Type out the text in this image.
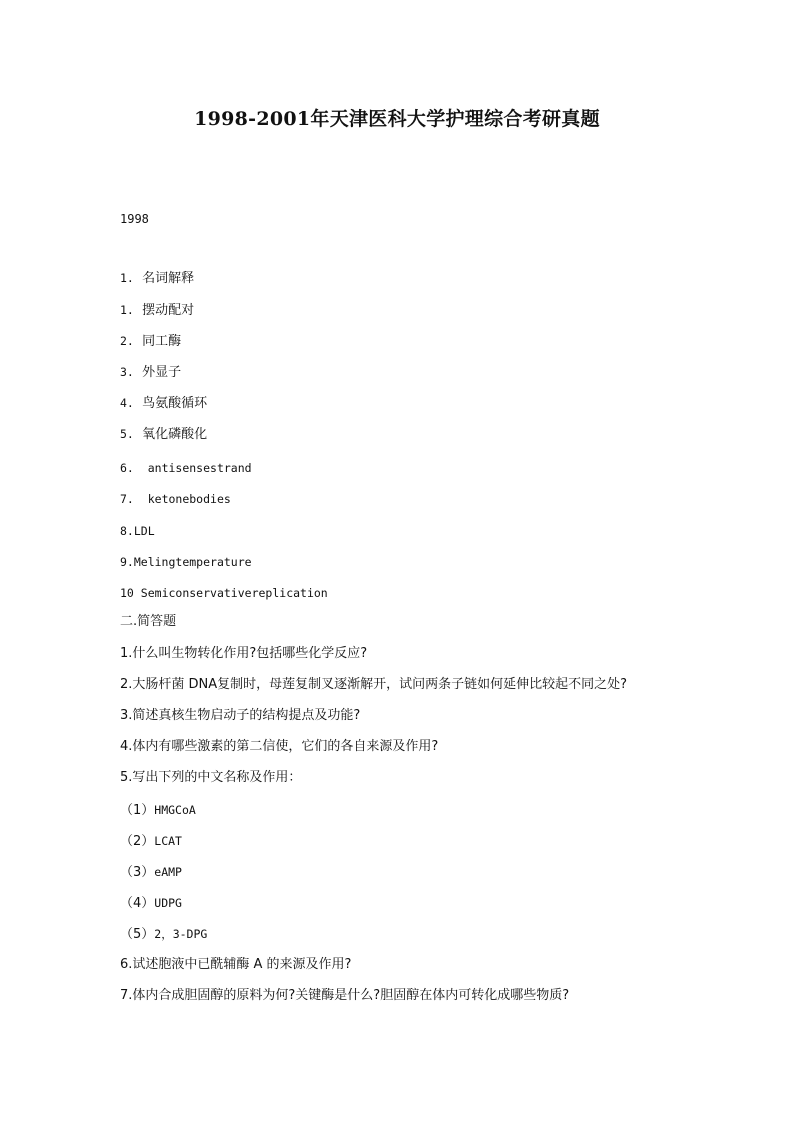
1998-2001年天津医科大学护理综合考研真题

1998

1. 名词解释

1. 摆动配对

2. 同工酶

3. 外显子

4. 鸟氨酸循环

5. 氧化磷酸化

6. antisensestrand

7. ketonebodies

8.LDL

9.Melingtemperature

10 Semiconservativereplication

二.简答题

1.什么叫生物转化作用?包括哪些化学反应?

2.大肠杆菌 DNA复制时，母莲复制叉逐渐解开，试问两条子链如何延伸比较起不同之处?

3.简述真核生物启动子的结构提点及功能?

4.体内有哪些激素的第二信使，它们的各自来源及作用?

5.写出下列的中文名称及作用：

（1）HMGCoA

（2）LCAT

（3）eAMP

（4）UDPG

（5）2，3-DPG

6.试述胞液中已酰辅酶 A 的来源及作用?

7.体内合成胆固醇的原料为何?关键酶是什么?胆固醇在体内可转化成哪些物质?
